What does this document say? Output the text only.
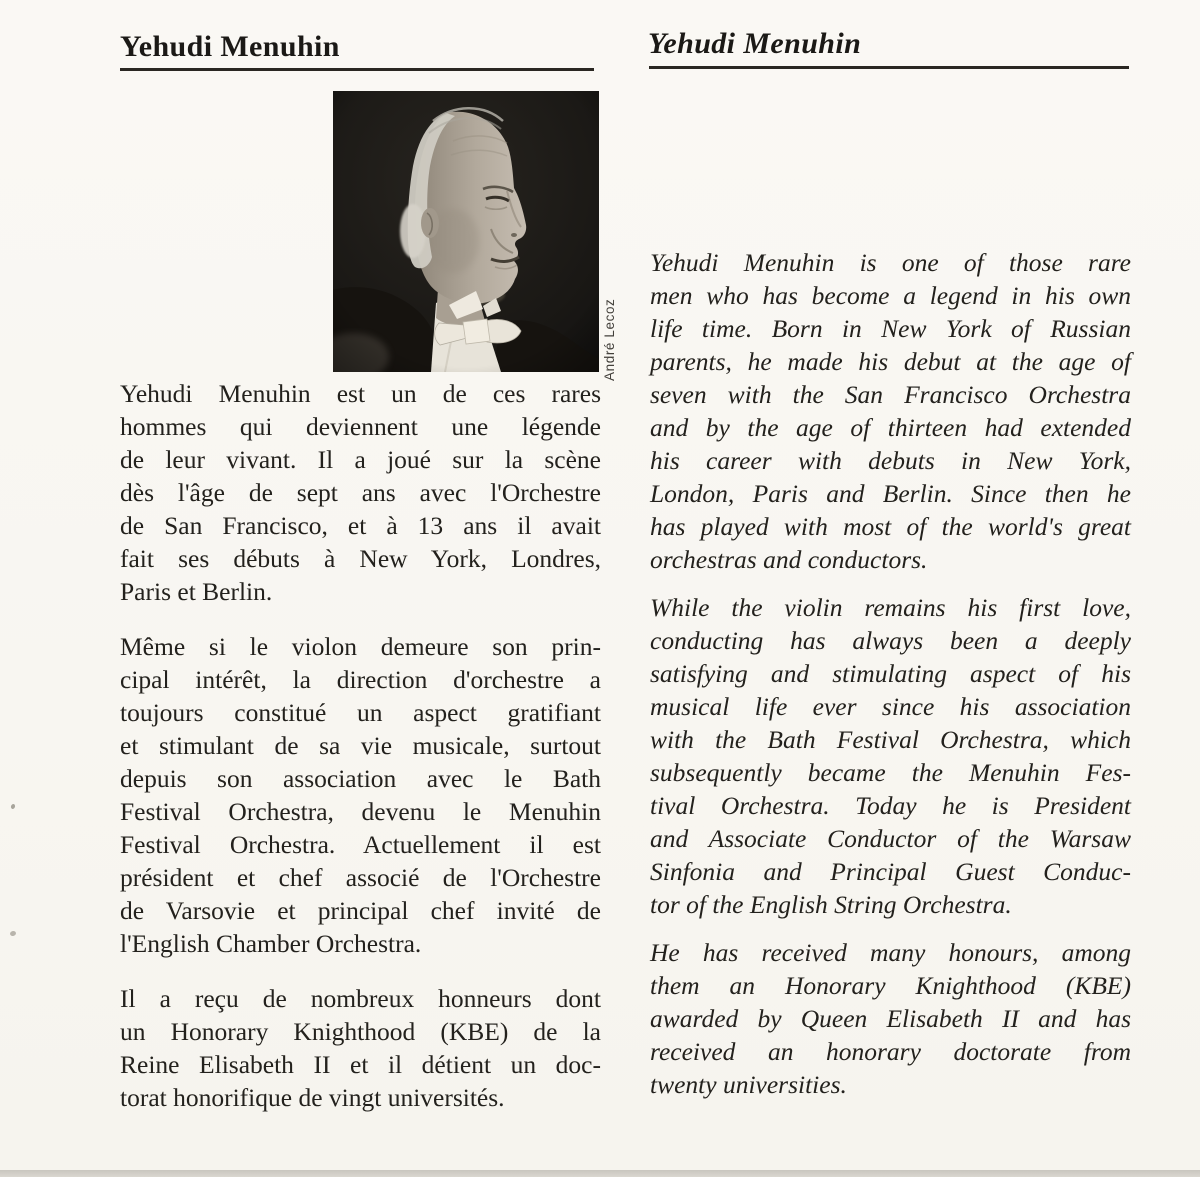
Yehudi Menuhin	Yehudi Menuhin
André Lecoz
Yehudi Menuhin est un de ces rares
hommes qui deviennent une légende
de leur vivant. Il a joué sur la scène
dès l'âge de sept ans avec l'Orchestre
de San Francisco, et à 13 ans il avait
fait ses débuts à New York, Londres,
Paris et Berlin.
Même si le violon demeure son prin-
cipal intérêt, la direction d'orchestre a
toujours constitué un aspect gratifiant
et stimulant de sa vie musicale, surtout
depuis son association avec le Bath
Festival Orchestra, devenu le Menuhin
Festival Orchestra. Actuellement il est
président et chef associé de l'Orchestre
de Varsovie et principal chef invité de
l'English Chamber Orchestra.
Il a reçu de nombreux honneurs dont
un Honorary Knighthood (KBE) de la
Reine Elisabeth II et il détient un doc-
torat honorifique de vingt universités.
Yehudi Menuhin is one of those rare
men who has become a legend in his own
life time. Born in New York of Russian
parents, he made his debut at the age of
seven with the San Francisco Orchestra
and by the age of thirteen had extended
his career with debuts in New York,
London, Paris and Berlin. Since then he
has played with most of the world's great
orchestras and conductors.
While the violin remains his first love,
conducting has always been a deeply
satisfying and stimulating aspect of his
musical life ever since his association
with the Bath Festival Orchestra, which
subsequently became the Menuhin Fes-
tival Orchestra. Today he is President
and Associate Conductor of the Warsaw
Sinfonia and Principal Guest Conduc-
tor of the English String Orchestra.
He has received many honours, among
them an Honorary Knighthood (KBE)
awarded by Queen Elisabeth II and has
received an honorary doctorate from
twenty universities.
